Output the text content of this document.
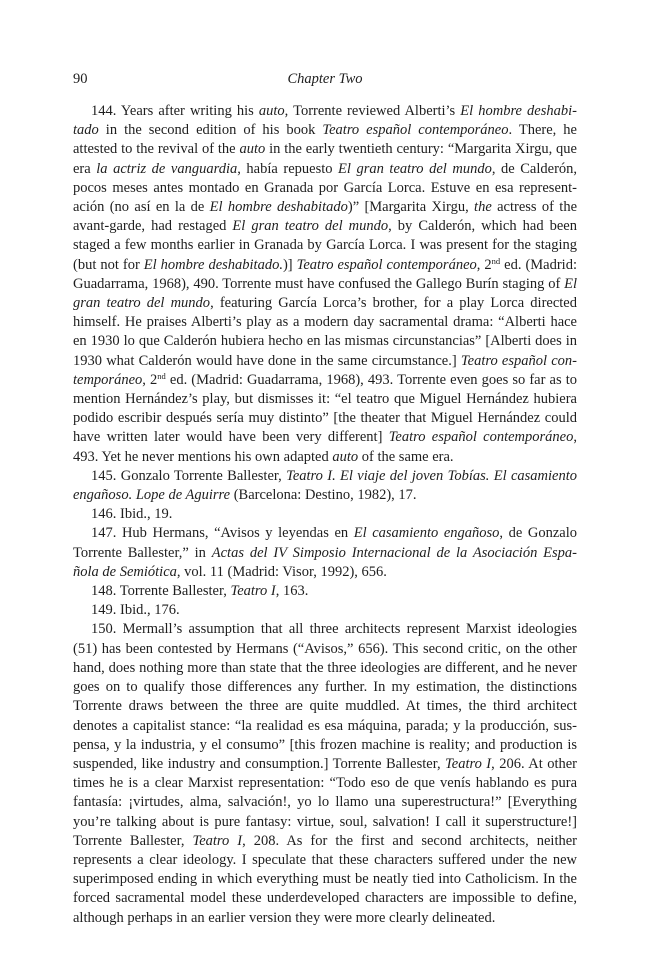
90	Chapter Two

144. Years after writing his auto, Torrente reviewed Alberti’s El hombre deshabi-tado in the second edition of his book Teatro español contemporáneo. There, he attested to the revival of the auto in the early twentieth century: “Margarita Xirgu, que era la actriz de vanguardia, había repuesto El gran teatro del mundo, de Calderón, pocos meses antes montado en Granada por García Lorca. Estuve en esa represent-ación (no así en la de El hombre deshabitado)” [Margarita Xirgu, the actress of the avant-garde, had restaged El gran teatro del mundo, by Calderón, which had been staged a few months earlier in Granada by García Lorca. I was present for the staging (but not for El hombre deshabitado.)] Teatro español contemporáneo, 2nd ed. (Madrid: Guadarrama, 1968), 490. Torrente must have confused the Gallego Burín staging of El gran teatro del mundo, featuring García Lorca’s brother, for a play Lorca directed himself. He praises Alberti’s play as a modern day sacramental drama: “Alberti hace en 1930 lo que Calderón hubiera hecho en las mismas circunstancias” [Alberti does in 1930 what Calderón would have done in the same circumstance.] Teatro español con-temporáneo, 2nd ed. (Madrid: Guadarrama, 1968), 493. Torrente even goes so far as to mention Hernández’s play, but dismisses it: “el teatro que Miguel Hernández hubiera podido escribir después sería muy distinto” [the theater that Miguel Hernández could have written later would have been very different] Teatro español contemporáneo, 493. Yet he never mentions his own adapted auto of the same era.

145. Gonzalo Torrente Ballester, Teatro I. El viaje del joven Tobías. El casamiento engañoso. Lope de Aguirre (Barcelona: Destino, 1982), 17.

146. Ibid., 19.

147. Hub Hermans, “Avisos y leyendas en El casamiento engañoso, de Gonzalo Torrente Ballester,” in Actas del IV Simposio Internacional de la Asociación Espa-ñola de Semiótica, vol. 11 (Madrid: Visor, 1992), 656.

148. Torrente Ballester, Teatro I, 163.

149. Ibid., 176.

150. Mermall’s assumption that all three architects represent Marxist ideologies (51) has been contested by Hermans (“Avisos,” 656). This second critic, on the other hand, does nothing more than state that the three ideologies are different, and he never goes on to qualify those differences any further. In my estimation, the distinctions Torrente draws between the three are quite muddled. At times, the third architect denotes a capitalist stance: “la realidad es esa máquina, parada; y la producción, sus-pensa, y la industria, y el consumo” [this frozen machine is reality; and production is suspended, like industry and consumption.] Torrente Ballester, Teatro I, 206. At other times he is a clear Marxist representation: “Todo eso de que venís hablando es pura fantasía: ¡virtudes, alma, salvación!, yo lo llamo una superestructura!” [Everything you’re talking about is pure fantasy: virtue, soul, salvation! I call it superstructure!] Torrente Ballester, Teatro I, 208. As for the first and second architects, neither represents a clear ideology. I speculate that these characters suffered under the new superimposed ending in which everything must be neatly tied into Catholicism. In the forced sacramental model these underdeveloped characters are impossible to define, although perhaps in an earlier version they were more clearly delineated.
